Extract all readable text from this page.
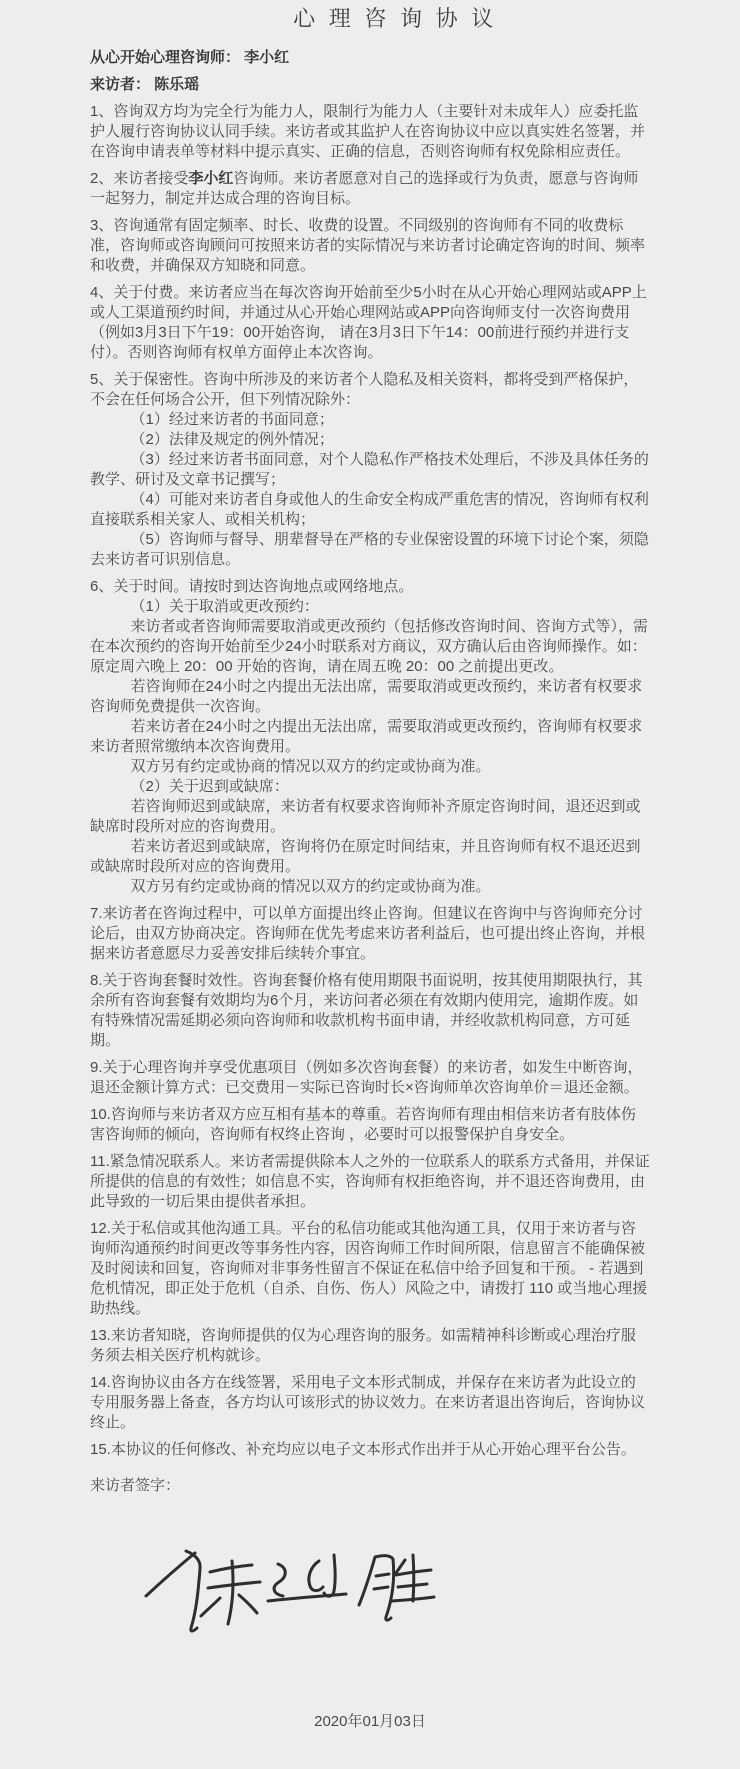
心理咨询协议

从心开始心理咨询师： 李小红

来访者： 陈乐瑶

1、咨询双方均为完全行为能力人，限制行为能力人（主要针对未成年人）应委托监护人履行咨询协议认同手续。来访者或其监护人在咨询协议中应以真实姓名签署，并在咨询申请表单等材料中提示真实、正确的信息，否则咨询师有权免除相应责任。

2、来访者接受李小红咨询师。来访者愿意对自己的选择或行为负责，愿意与咨询师一起努力，制定并达成合理的咨询目标。

3、咨询通常有固定频率、时长、收费的设置。不同级别的咨询师有不同的收费标准，咨询师或咨询顾问可按照来访者的实际情况与来访者讨论确定咨询的时间、频率和收费，并确保双方知晓和同意。

4、关于付费。来访者应当在每次咨询开始前至少5小时在从心开始心理网站或APP上或人工渠道预约时间，并通过从心开始心理网站或APP向咨询师支付一次咨询费用（例如3月3日下午19：00开始咨询， 请在3月3日下午14：00前进行预约并进行支付）。否则咨询师有权单方面停止本次咨询。

5、关于保密性。咨询中所涉及的来访者个人隐私及相关资料，都将受到严格保护，不会在任何场合公开，但下列情况除外：

（1）经过来访者的书面同意；

（2）法律及规定的例外情况；

（3）经过来访者书面同意，对个人隐私作严格技术处理后，不涉及具体任务的教学、研讨及文章书记撰写；

（4）可能对来访者自身或他人的生命安全构成严重危害的情况，咨询师有权利直接联系相关家人、或相关机构；

（5）咨询师与督导、朋辈督导在严格的专业保密设置的环境下讨论个案，须隐去来访者可识别信息。

6、关于时间。请按时到达咨询地点或网络地点。

（1）关于取消或更改预约：

来访者或者咨询师需要取消或更改预约（包括修改咨询时间、咨询方式等），需在本次预约的咨询开始前至少24小时联系对方商议，双方确认后由咨询师操作。如：原定周六晚上 20：00 开始的咨询，请在周五晚 20：00 之前提出更改。

若咨询师在24小时之内提出无法出席，需要取消或更改预约，来访者有权要求咨询师免费提供一次咨询。

若来访者在24小时之内提出无法出席，需要取消或更改预约，咨询师有权要求来访者照常缴纳本次咨询费用。

双方另有约定或协商的情况以双方的约定或协商为准。

（2）关于迟到或缺席：

若咨询师迟到或缺席，来访者有权要求咨询师补齐原定咨询时间，退还迟到或缺席时段所对应的咨询费用。

若来访者迟到或缺席，咨询将仍在原定时间结束，并且咨询师有权不退还迟到或缺席时段所对应的咨询费用。

双方另有约定或协商的情况以双方的约定或协商为准。

7.来访者在咨询过程中，可以单方面提出终止咨询。但建议在咨询中与咨询师充分讨论后，由双方协商决定。咨询师在优先考虑来访者利益后，也可提出终止咨询，并根据来访者意愿尽力妥善安排后续转介事宜。

8.关于咨询套餐时效性。咨询套餐价格有使用期限书面说明，按其使用期限执行，其余所有咨询套餐有效期均为6个月，来访问者必须在有效期内使用完，逾期作废。如有特殊情况需延期必须向咨询师和收款机构书面申请，并经收款机构同意，方可延期。

9.关于心理咨询并享受优惠项目（例如多次咨询套餐）的来访者，如发生中断咨询，退还金额计算方式：已交费用－实际已咨询时长×咨询师单次咨询单价＝退还金额。

10.咨询师与来访者双方应互相有基本的尊重。若咨询师有理由相信来访者有肢体伤害咨询师的倾向，咨询师有权终止咨询 ，必要时可以报警保护自身安全。

11.紧急情况联系人。来访者需提供除本人之外的一位联系人的联系方式备用，并保证所提供的信息的有效性；如信息不实，咨询师有权拒绝咨询，并不退还咨询费用，由此导致的一切后果由提供者承担。

12.关于私信或其他沟通工具。平台的私信功能或其他沟通工具，仅用于来访者与咨询师沟通预约时间更改等事务性内容，因咨询师工作时间所限，信息留言不能确保被及时阅读和回复，咨询师对非事务性留言不保证在私信中给予回复和干预。 - 若遇到危机情况，即正处于危机（自杀、自伤、伤人）风险之中，请拨打 110 或当地心理援助热线。

13.来访者知晓，咨询师提供的仅为心理咨询的服务。如需精神科诊断或心理治疗服务须去相关医疗机构就诊。

14.咨询协议由各方在线签署，采用电子文本形式制成，并保存在来访者为此设立的专用服务器上备查，各方均认可该形式的协议效力。在来访者退出咨询后，咨询协议终止。

15.本协议的任何修改、补充均应以电子文本形式作出并于从心开始心理平台公告。

来访者签字：

2020年01月03日
